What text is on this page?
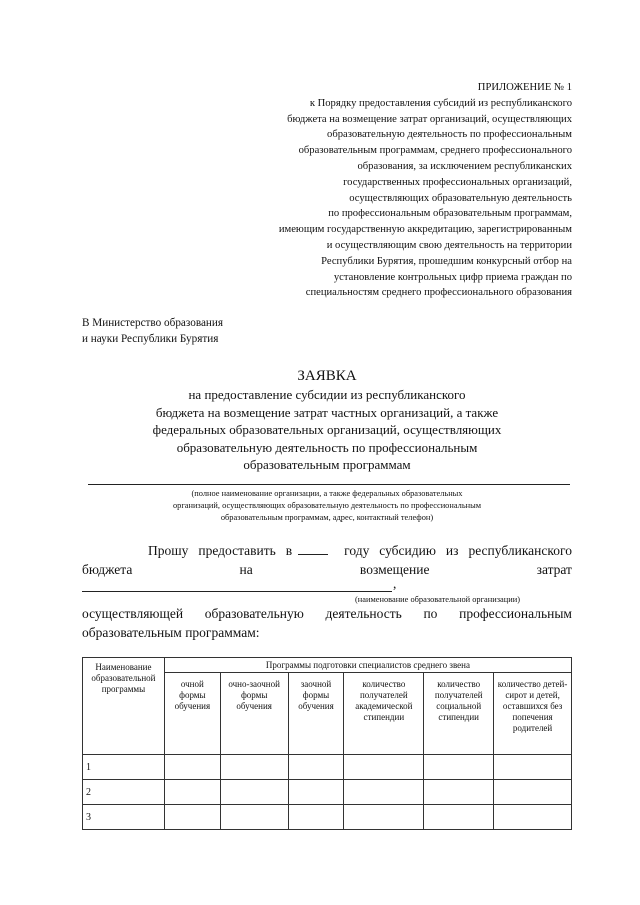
ПРИЛОЖЕНИЕ № 1
к Порядку предоставления субсидий из республиканского
бюджета на возмещение затрат организаций, осуществляющих
образовательную деятельность по профессиональным
образовательным программам, среднего профессионального
образования, за исключением республиканских
государственных профессиональных организаций,
осуществляющих образовательную деятельность
по профессиональным образовательным программам,
имеющим государственную аккредитацию, зарегистрированным
и осуществляющим свою деятельность на территории
Республики Бурятия, прошедшим конкурсный отбор на
установление контрольных цифр приема граждан по
специальностям среднего профессионального образования
В Министерство образования
и науки Республики Бурятия
ЗАЯВКА
на предоставление субсидии из республиканского
бюджета на возмещение затрат частных организаций, а также
федеральных образовательных организаций, осуществляющих
образовательную деятельность по профессиональным
образовательным программам
(полное наименование организации, а также федеральных образовательных
организаций, осуществляющих образовательную деятельность по профессиональным
образовательным программам, адрес, контактный телефон)
Прошу предоставить в	году субсидию из республиканского
бюджета	на	возмещение	затрат
,
(наименование образовательной организации)
осуществляющей образовательную деятельность по профессиональным
образовательным программам:
Наименование образовательной программы	Программы подготовки специалистов среднего звена					
	очной формы обучения	очно-заочной формы обучения	заочной формы обучения	количество получателей академической стипендии	количество получателей социальной стипендии	количество детей-сирот и детей, оставшихся без попечения родителей
1						
2						
3						
